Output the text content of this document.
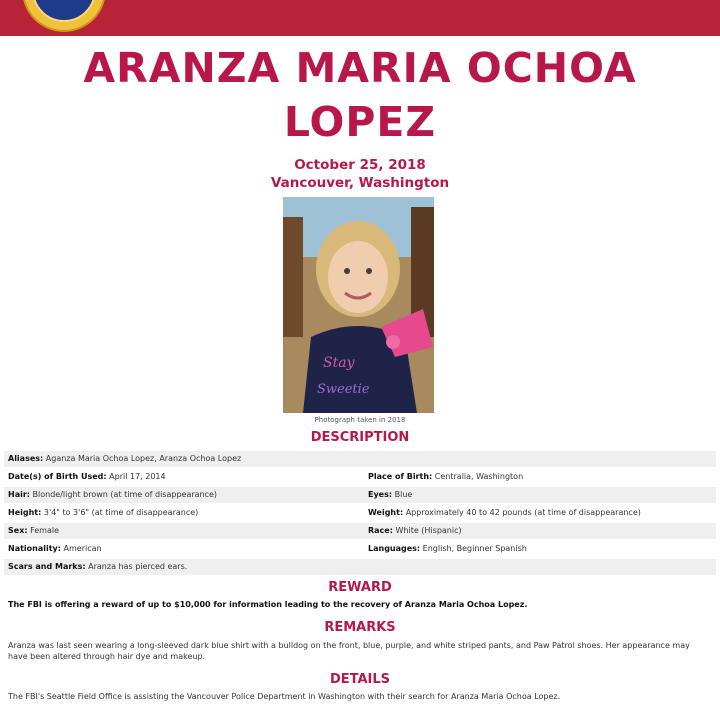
ARANZA MARIA OCHOA
LOPEZ
October 25, 2018
Vancouver, Washington
Stay
Sweetie
Photograph taken in 2018
DESCRIPTION
Aliases: Aganza Maria Ochoa Lopez, Aranza Ochoa Lopez
Date(s) of Birth Used: April 17, 2014	Place of Birth: Centralia, Washington
Hair: Blonde/light brown (at time of disappearance)	Eyes: Blue
Height: 3'4" to 3'6" (at time of disappearance)	Weight: Approximately 40 to 42 pounds (at time of disappearance)
Sex: Female	Race: White (Hispanic)
Nationality: American	Languages: English, Beginner Spanish
Scars and Marks: Aranza has pierced ears.
REWARD
The FBI is offering a reward of up to $10,000 for information leading to the recovery of Aranza Maria Ochoa Lopez.
REMARKS
Aranza was last seen wearing a long-sleeved dark blue shirt with a bulldog on the front, blue, purple, and white striped pants, and Paw Patrol shoes. Her appearance may have been altered through hair dye and makeup.
DETAILS
The FBI's Seattle Field Office is assisting the Vancouver Police Department in Washington with their search for Aranza Maria Ochoa Lopez.
